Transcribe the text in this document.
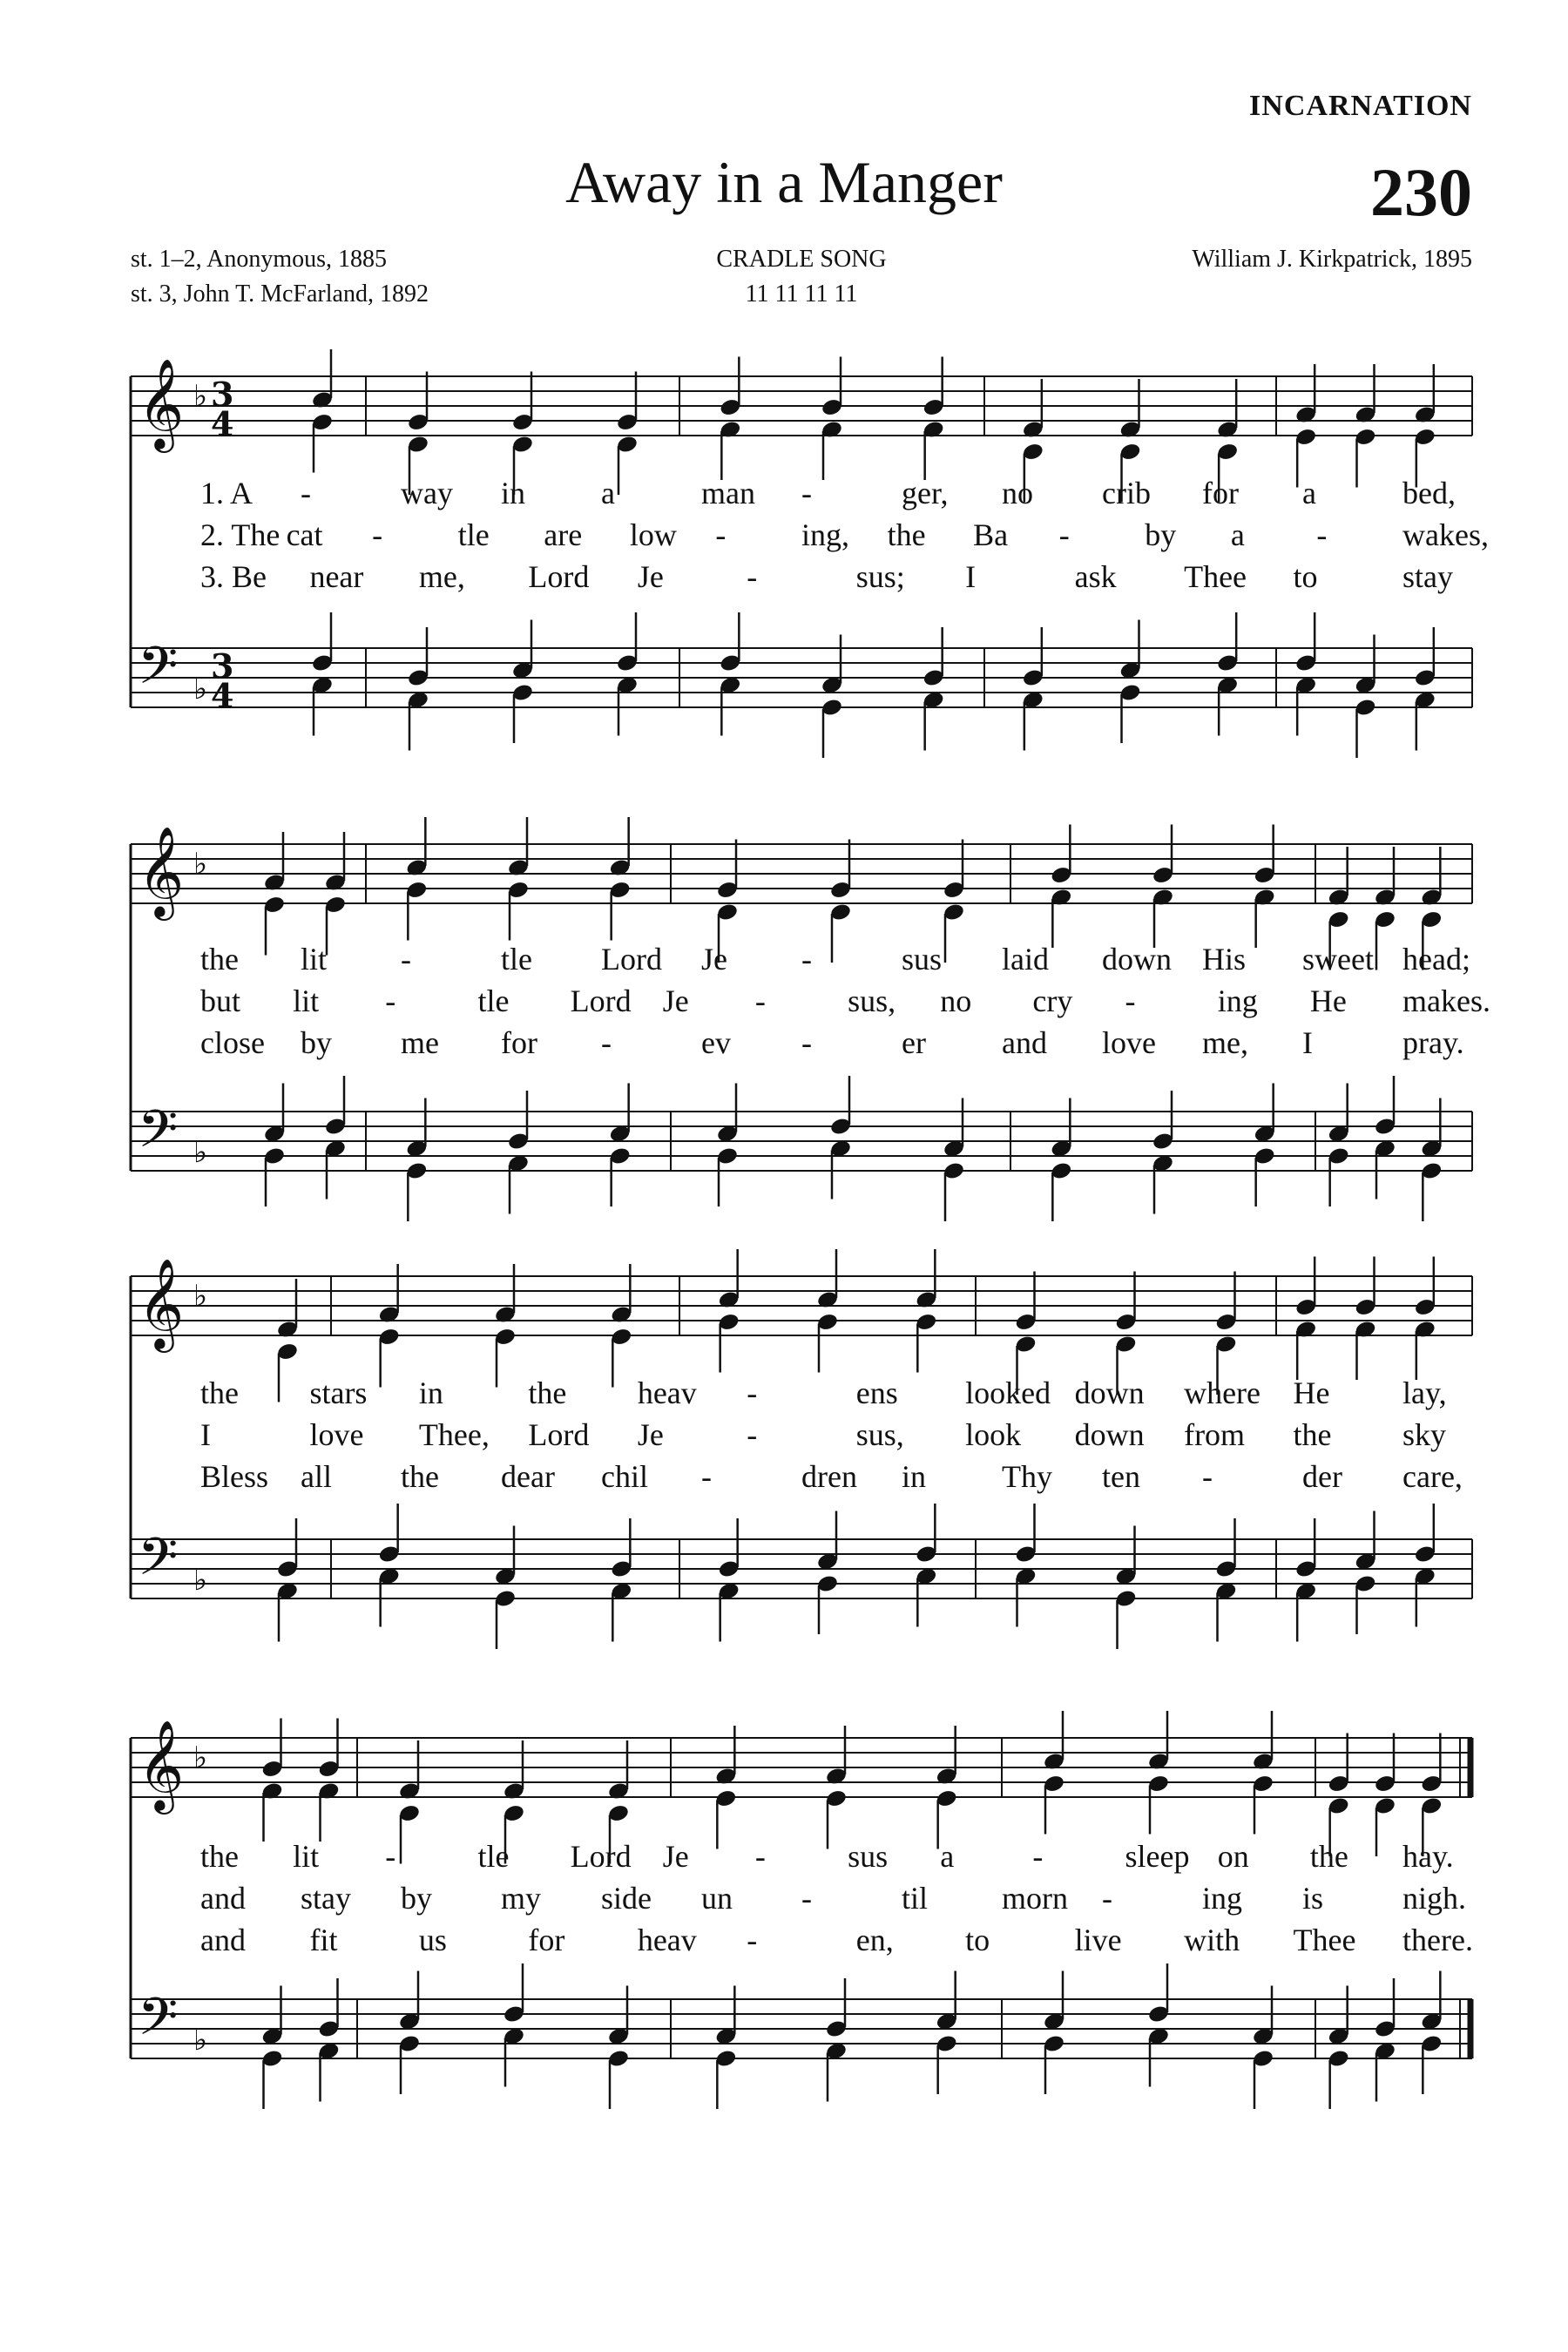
INCARNATION
Away in a Manger	230
st. 1–2, Anonymous, 1885
st. 3, John T. McFarland, 1892
CRADLE SONG
11 11 11 11
William J. Kirkpatrick, 1895
𝄞
𝄢
♭
♭
3
4
3
4
𝄞
𝄢
♭
♭
𝄞
𝄢
♭
♭
𝄞
𝄢
♭
♭
1. A -	way in a	man -	ger, no crib for a	bed,
2. The cat - tle are low - ing, the Ba - by a - wakes,
3. Be near me, Lord Je	-	sus; I	ask Thee to	stay
the lit -	tle Lord Je -	sus laid down His sweet head;
but lit -	tle Lord Je -	sus, no cry -	ing He makes.
close by me for -	ev -	er and love me, I	pray.
the stars in	the heav -	ens looked down where He lay,
I	love Thee, Lord Je	-	sus, look down from the sky
Bless all the dear chil -	dren in Thy ten -	der care,
the lit -	tle Lord Je -	sus a	-	sleep on the hay.
and stay by my side un -	til morn -	ing is	nigh.
and fit	us	for heav -	en, to	live with Thee there.
